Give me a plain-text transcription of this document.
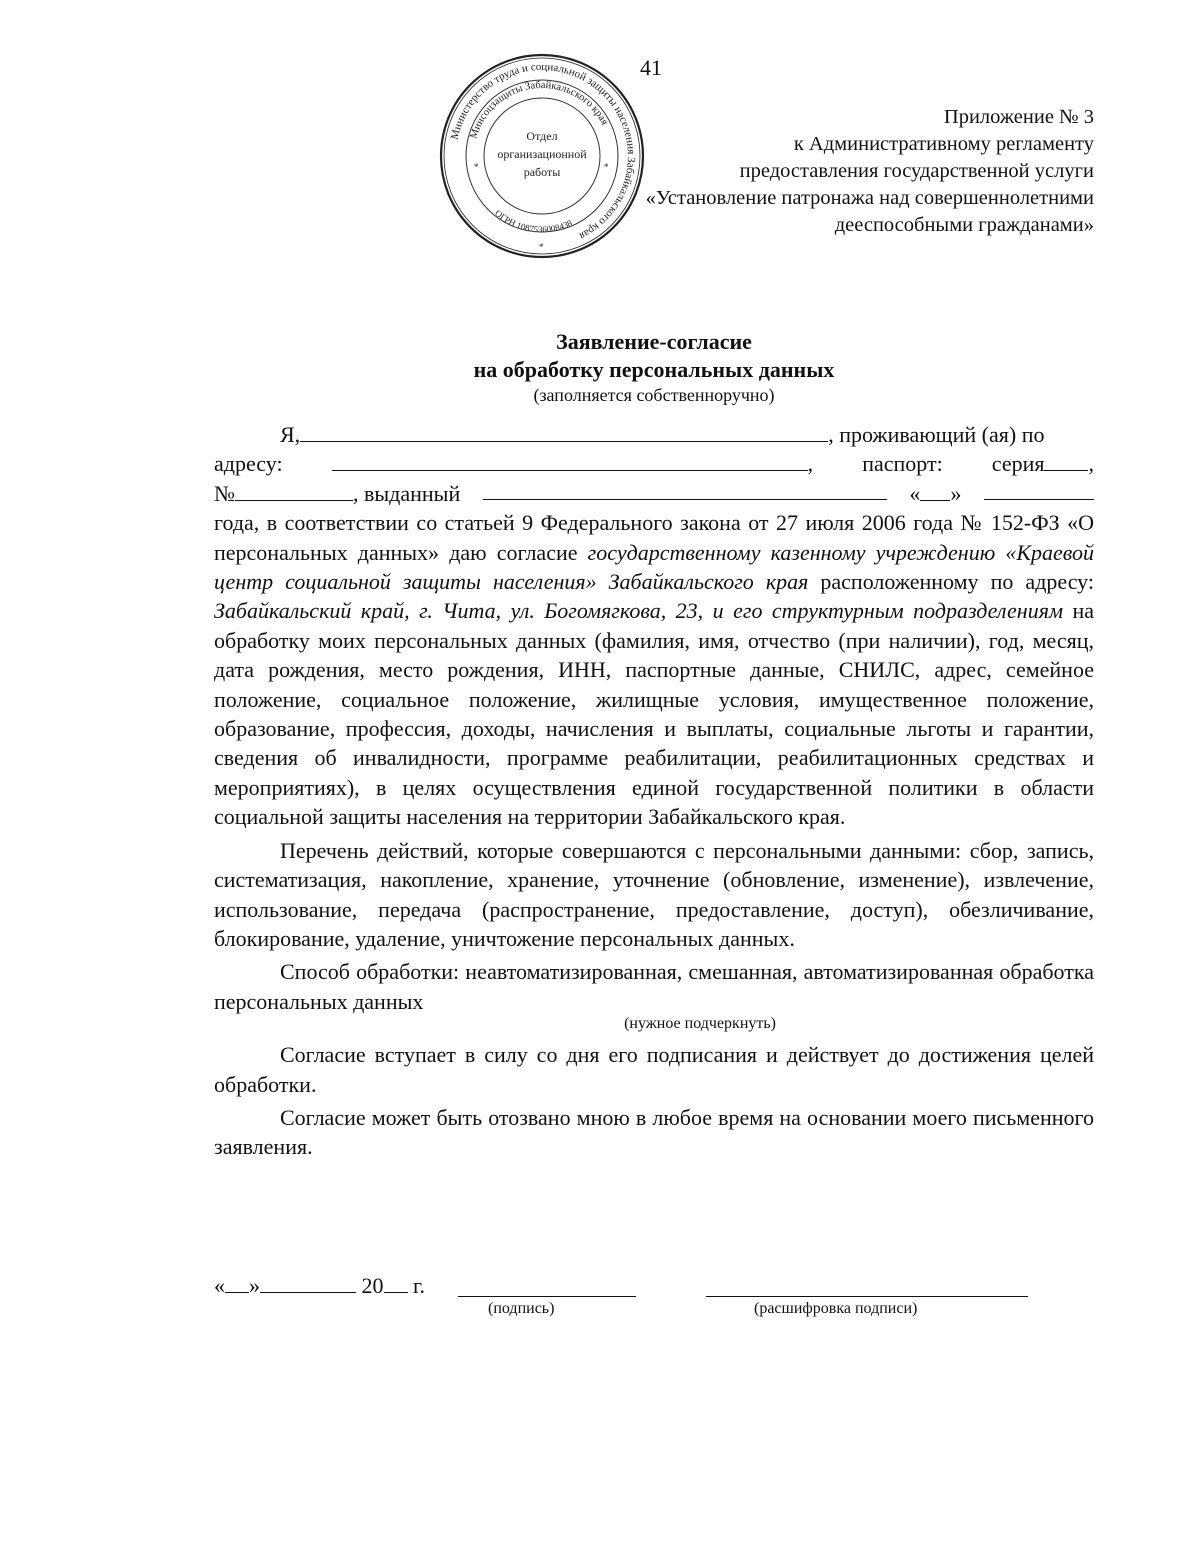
41
Министерство труда и социальной защиты населения Забайкальского края
Минсоцзащиты Забайкальского края
ОГРН 1087536008438
Отдел
организационной
работы
*	*
*
Приложение № 3
к Административному регламенту
предоставления государственной услуги
«Установление патронажа над совершеннолетними
дееспособными гражданами»
Заявление-согласие
на обработку персональных данных
(заполняется собственноручно)
Я,	, проживающий (ая) по
адресу:	, паспорт: серия ,
№	, выданный	« »

года, в соответствии со статьей 9 Федерального закона от 27 июля 2006 года № 152-ФЗ «О персональных данных» даю согласие государственному казенному учреждению «Краевой центр социальной защиты населения» Забайкальского края расположенному по адресу: Забайкальский край, г. Чита, ул. Богомягкова, 23, и его структурным подразделениям на обработку моих персональных данных (фамилия, имя, отчество (при наличии), год, месяц, дата рождения, место рождения, ИНН, паспортные данные, СНИЛС, адрес, семейное положение, социальное положение, жилищные условия, имущественное положение, образование, профессия, доходы, начисления и выплаты, социальные льготы и гарантии, сведения об инвалидности, программе реабилитации, реабилитационных средствах и мероприятиях), в целях осуществления единой государственной политики в области социальной защиты населения на территории Забайкальского края.

Перечень действий, которые совершаются с персональными данными: сбор, запись, систематизация, накопление, хранение, уточнение (обновление, изменение), извлечение, использование, передача (распространение, предоставление, доступ), обезличивание, блокирование, удаление, уничтожение персональных данных.

Способ обработки: неавтоматизированная, смешанная, автоматизированная обработка персональных данных

(нужное подчеркнуть)

Согласие вступает в силу со дня его подписания и действует до достижения целей обработки.

Согласие может быть отозвано мною в любое время на основании моего письменного заявления.

« »	20 г.
(подпись)	(расшифровка подписи)
